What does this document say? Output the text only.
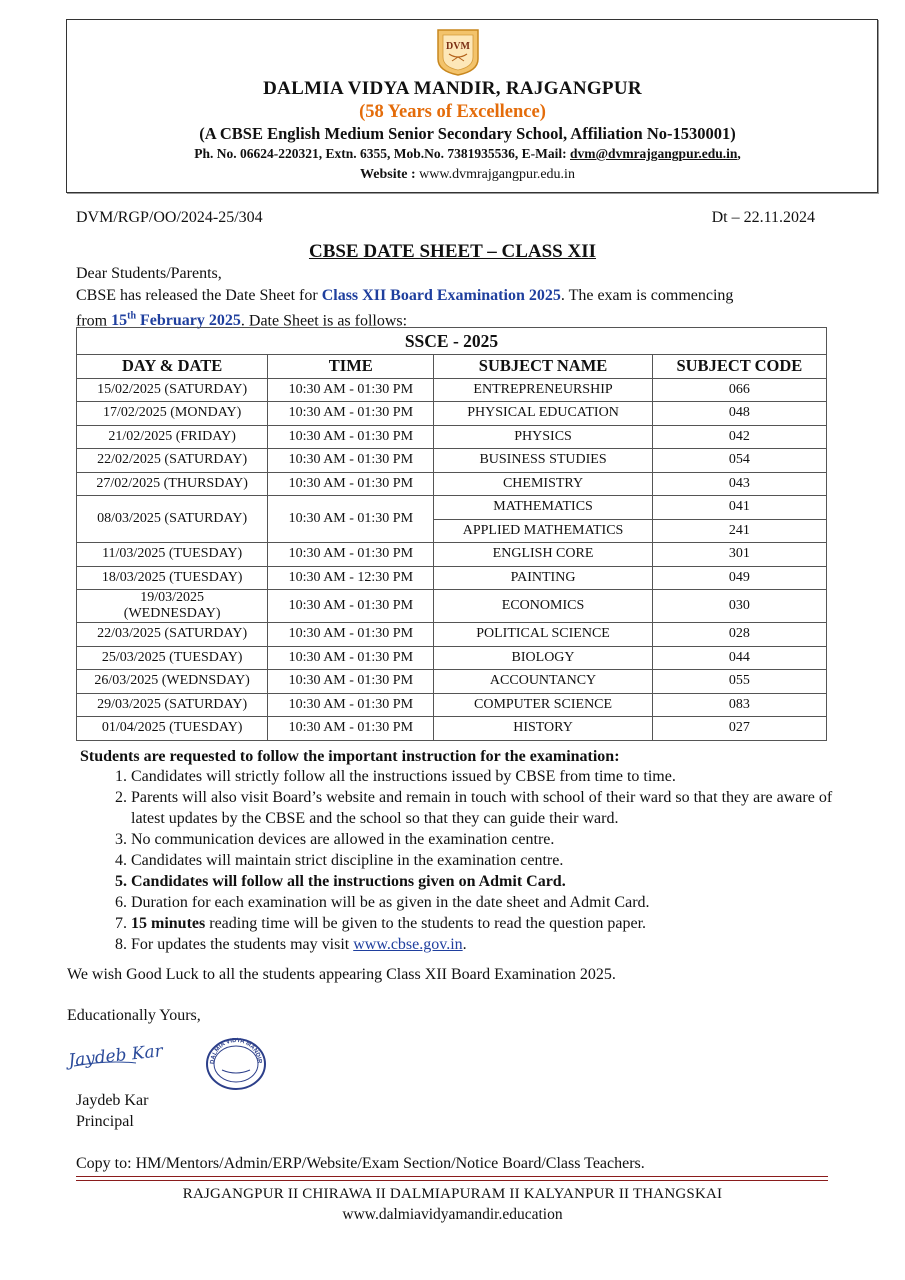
DVM
DALMIA VIDYA MANDIR, RAJGANGPUR
(58 Years of Excellence)
(A CBSE English Medium Senior Secondary School, Affiliation No-1530001)
Ph. No. 06624-220321, Extn. 6355, Mob.No. 7381935536, E-Mail: dvm@dvmrajgangpur.edu.in,
Website : www.dvmrajgangpur.edu.in
DVM/RGP/OO/2024-25/304	Dt – 22.11.2024
CBSE DATE SHEET – CLASS XII
Dear Students/Parents,
CBSE has released the Date Sheet for Class XII Board Examination 2025. The exam is commencing
from 15th February 2025. Date Sheet is as follows:
SSCE - 2025			
DAY & DATE	TIME	SUBJECT NAME	SUBJECT CODE
15/02/2025 (SATURDAY)	10:30 AM - 01:30 PM	ENTREPRENEURSHIP	066
17/02/2025 (MONDAY)	10:30 AM - 01:30 PM	PHYSICAL EDUCATION	048
21/02/2025 (FRIDAY)	10:30 AM - 01:30 PM	PHYSICS	042
22/02/2025 (SATURDAY)	10:30 AM - 01:30 PM	BUSINESS STUDIES	054
27/02/2025 (THURSDAY)	10:30 AM - 01:30 PM	CHEMISTRY	043
08/03/2025 (SATURDAY)	10:30 AM - 01:30 PM	MATHEMATICS	041
		APPLIED MATHEMATICS	241
11/03/2025 (TUESDAY)	10:30 AM - 01:30 PM	ENGLISH CORE	301
18/03/2025 (TUESDAY)	10:30 AM - 12:30 PM	PAINTING	049
19/03/2025
(WEDNESDAY)	10:30 AM - 01:30 PM	ECONOMICS	030
22/03/2025 (SATURDAY)	10:30 AM - 01:30 PM	POLITICAL SCIENCE	028
25/03/2025 (TUESDAY)	10:30 AM - 01:30 PM	BIOLOGY	044
26/03/2025 (WEDNSDAY)	10:30 AM - 01:30 PM	ACCOUNTANCY	055
29/03/2025 (SATURDAY)	10:30 AM - 01:30 PM	COMPUTER SCIENCE	083
01/04/2025 (TUESDAY)	10:30 AM - 01:30 PM	HISTORY	027
Students are requested to follow the important instruction for the examination:
1. Candidates will strictly follow all the instructions issued by CBSE from time to time.
2. Parents will also visit Board’s website and remain in touch with school of their ward so that they are aware of latest updates by the CBSE and the school so that they can guide their ward.
3. No communication devices are allowed in the examination centre.
4. Candidates will maintain strict discipline in the examination centre.
5. Candidates will follow all the instructions given on Admit Card.
6. Duration for each examination will be as given in the date sheet and Admit Card.
7. 15 minutes reading time will be given to the students to read the question paper.
8. For updates the students may visit www.cbse.gov.in.
We wish Good Luck to all the students appearing Class XII Board Examination 2025.
Educationally Yours,
Jaydeb Kar	DALMIA VIDYA MANDIR
Jaydeb Kar
Principal
Copy to: HM/Mentors/Admin/ERP/Website/Exam Section/Notice Board/Class Teachers.
RAJGANGPUR II CHIRAWA II DALMIAPURAM II KALYANPUR II THANGSKAI
www.dalmiavidyamandir.education
